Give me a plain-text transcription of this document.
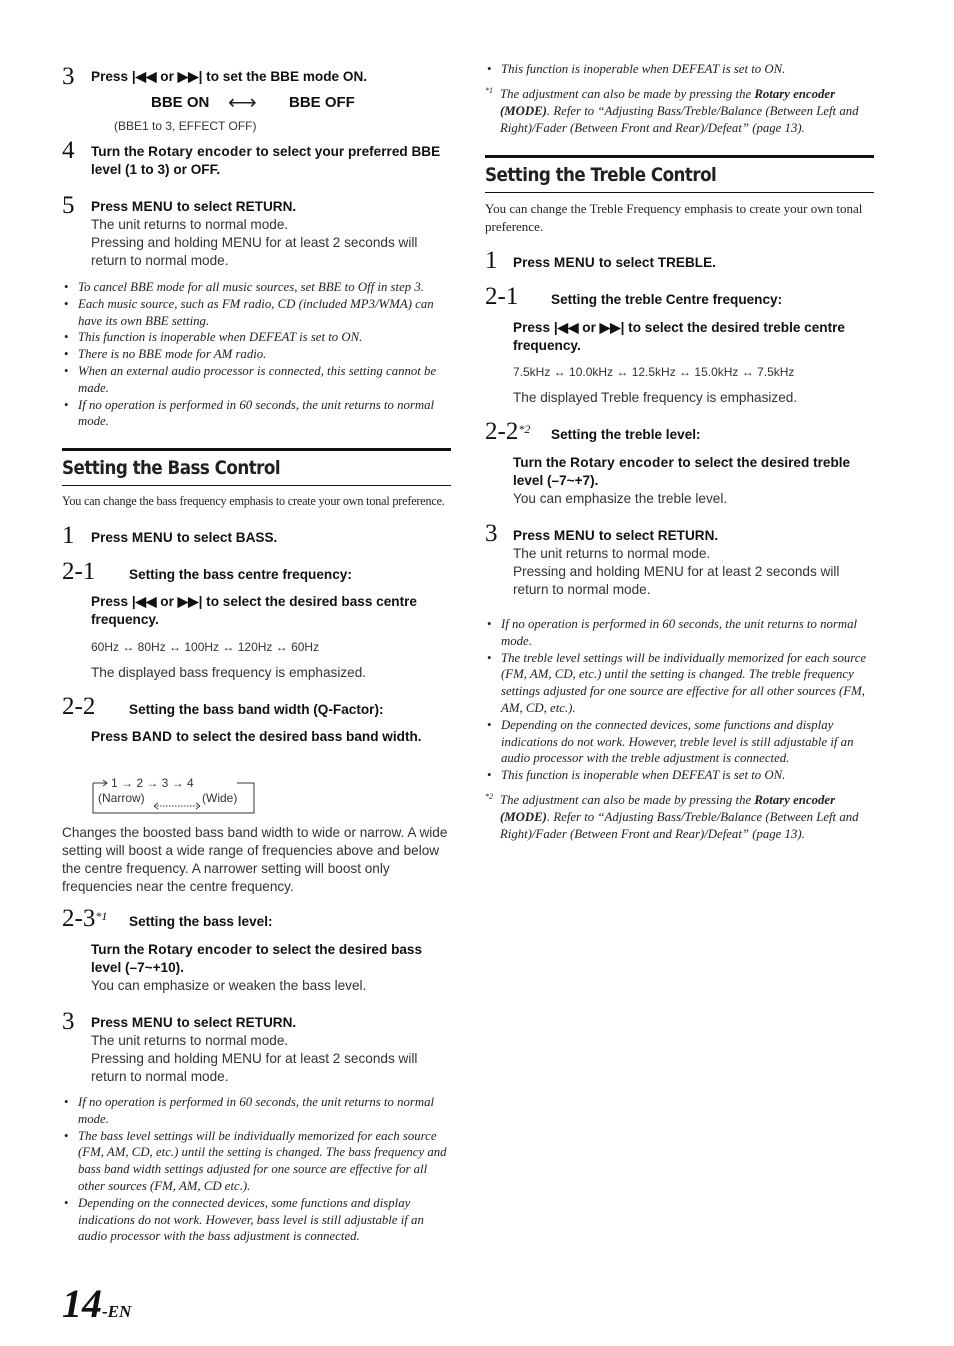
3 Press |◀◀ or ▶▶| to set the BBE mode ON.
BBE ON ⟷ BBE OFF
(BBE1 to 3, EFFECT OFF)
4 Turn the Rotary encoder to select your preferred BBE level (1 to 3) or OFF.
5 Press MENU to select RETURN.
The unit returns to normal mode.
Pressing and holding MENU for at least 2 seconds will return to normal mode.
• To cancel BBE mode for all music sources, set BBE to Off in step 3.
• Each music source, such as FM radio, CD (included MP3/WMA) can have its own BBE setting.
• This function is inoperable when DEFEAT is set to ON.
• There is no BBE mode for AM radio.
• When an external audio processor is connected, this setting cannot be made.
• If no operation is performed in 60 seconds, the unit returns to normal mode.
Setting the Bass Control
You can change the bass frequency emphasis to create your own tonal preference.
1 Press MENU to select BASS.
2-1 Setting the bass centre frequency:
Press |◀◀ or ▶▶| to select the desired bass centre frequency.
60Hz ↔ 80Hz ↔ 100Hz ↔ 120Hz ↔ 60Hz
The displayed bass frequency is emphasized.
2-2 Setting the bass band width (Q-Factor):
Press BAND to select the desired bass band width.
1 → 2 → 3 → 4
(Narrow)	(Wide)
Changes the boosted bass band width to wide or narrow. A wide setting will boost a wide range of frequencies above and below the centre frequency. A narrower setting will boost only frequencies near the centre frequency.
2-3$^{*1}$ Setting the bass level:
Turn the Rotary encoder to select the desired bass level (–7~+10).
You can emphasize or weaken the bass level.
3 Press MENU to select RETURN.
The unit returns to normal mode.
Pressing and holding MENU for at least 2 seconds will return to normal mode.
• If no operation is performed in 60 seconds, the unit returns to normal mode.
• The bass level settings will be individually memorized for each source (FM, AM, CD, etc.) until the setting is changed. The bass frequency and bass band width settings adjusted for one source are effective for all other sources (FM, AM, CD etc.).
• Depending on the connected devices, some functions and display indications do not work. However, bass level is still adjustable if an audio processor with the bass adjustment is connected.
• This function is inoperable when DEFEAT is set to ON.
*1 The adjustment can also be made by pressing the Rotary encoder (MODE). Refer to “Adjusting Bass/Treble/Balance (Between Left and Right)/Fader (Between Front and Rear)/Defeat” (page 13).
Setting the Treble Control
You can change the Treble Frequency emphasis to create your own tonal preference.
1 Press MENU to select TREBLE.
2-1 Setting the treble Centre frequency:
Press |◀◀ or ▶▶| to select the desired treble centre frequency.
7.5kHz ↔ 10.0kHz ↔ 12.5kHz ↔ 15.0kHz ↔ 7.5kHz
The displayed Treble frequency is emphasized.
2-2$^{*2}$ Setting the treble level:
Turn the Rotary encoder to select the desired treble level (–7~+7).
You can emphasize the treble level.
3 Press MENU to select RETURN.
The unit returns to normal mode.
Pressing and holding MENU for at least 2 seconds will return to normal mode.
• If no operation is performed in 60 seconds, the unit returns to normal mode.
• The treble level settings will be individually memorized for each source (FM, AM, CD, etc.) until the setting is changed. The treble frequency settings adjusted for one source are effective for all other sources (FM, AM, CD, etc.).
• Depending on the connected devices, some functions and display indications do not work. However, treble level is still adjustable if an audio processor with the treble adjustment is connected.
• This function is inoperable when DEFEAT is set to ON.
*2 The adjustment can also be made by pressing the Rotary encoder (MODE). Refer to “Adjusting Bass/Treble/Balance (Between Left and Right)/Fader (Between Front and Rear)/Defeat” (page 13).
14-EN
